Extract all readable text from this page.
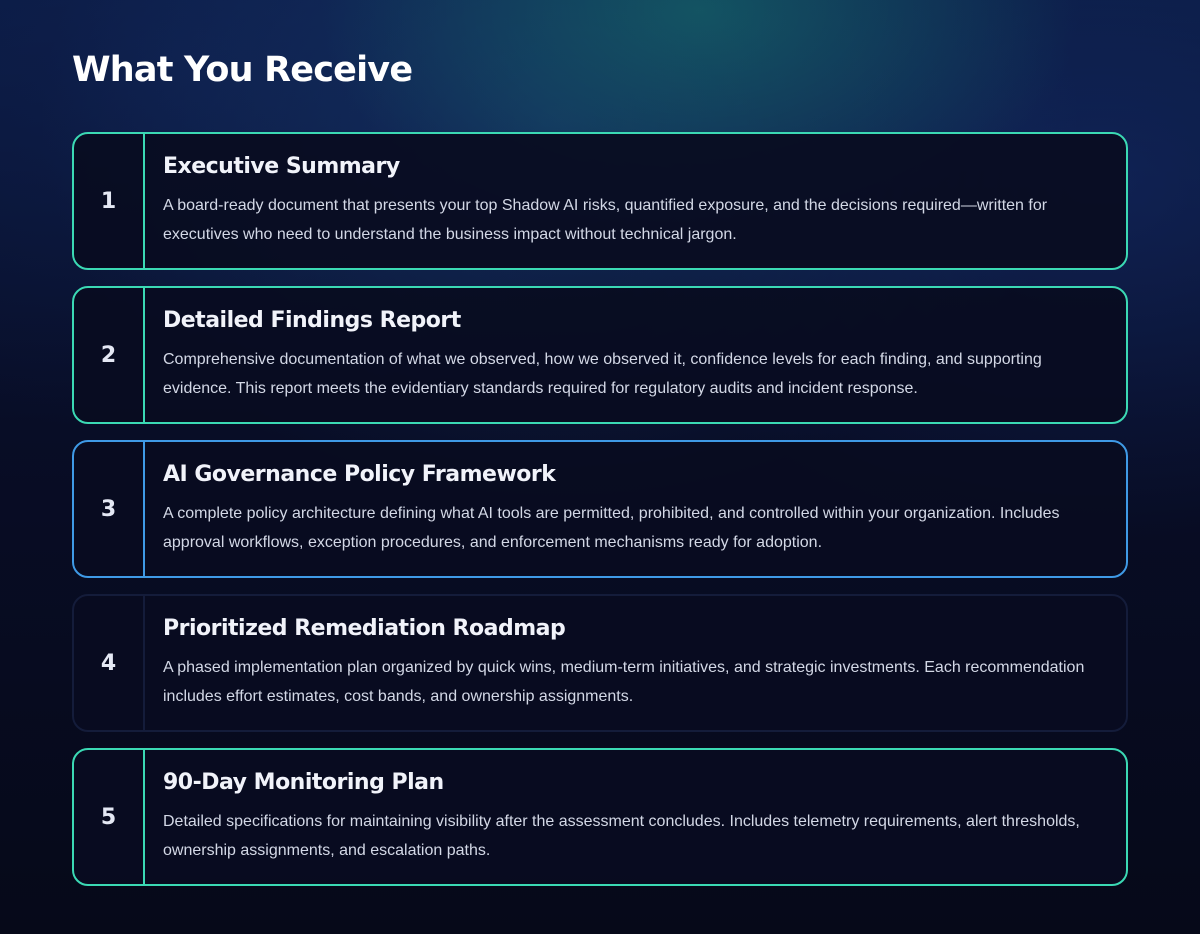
What You Receive
1
Executive Summary

A board-ready document that presents your top Shadow AI risks, quantified exposure, and the decisions required—written for executives who need to understand the business impact without technical jargon.

2
Detailed Findings Report

Comprehensive documentation of what we observed, how we observed it, confidence levels for each finding, and supporting evidence. This report meets the evidentiary standards required for regulatory audits and incident response.

3
AI Governance Policy Framework

A complete policy architecture defining what AI tools are permitted, prohibited, and controlled within your organization. Includes approval workflows, exception procedures, and enforcement mechanisms ready for adoption.

4
Prioritized Remediation Roadmap

A phased implementation plan organized by quick wins, medium-term initiatives, and strategic investments. Each recommendation includes effort estimates, cost bands, and ownership assignments.

5
90-Day Monitoring Plan

Detailed specifications for maintaining visibility after the assessment concludes. Includes telemetry requirements, alert thresholds, ownership assignments, and escalation paths.
